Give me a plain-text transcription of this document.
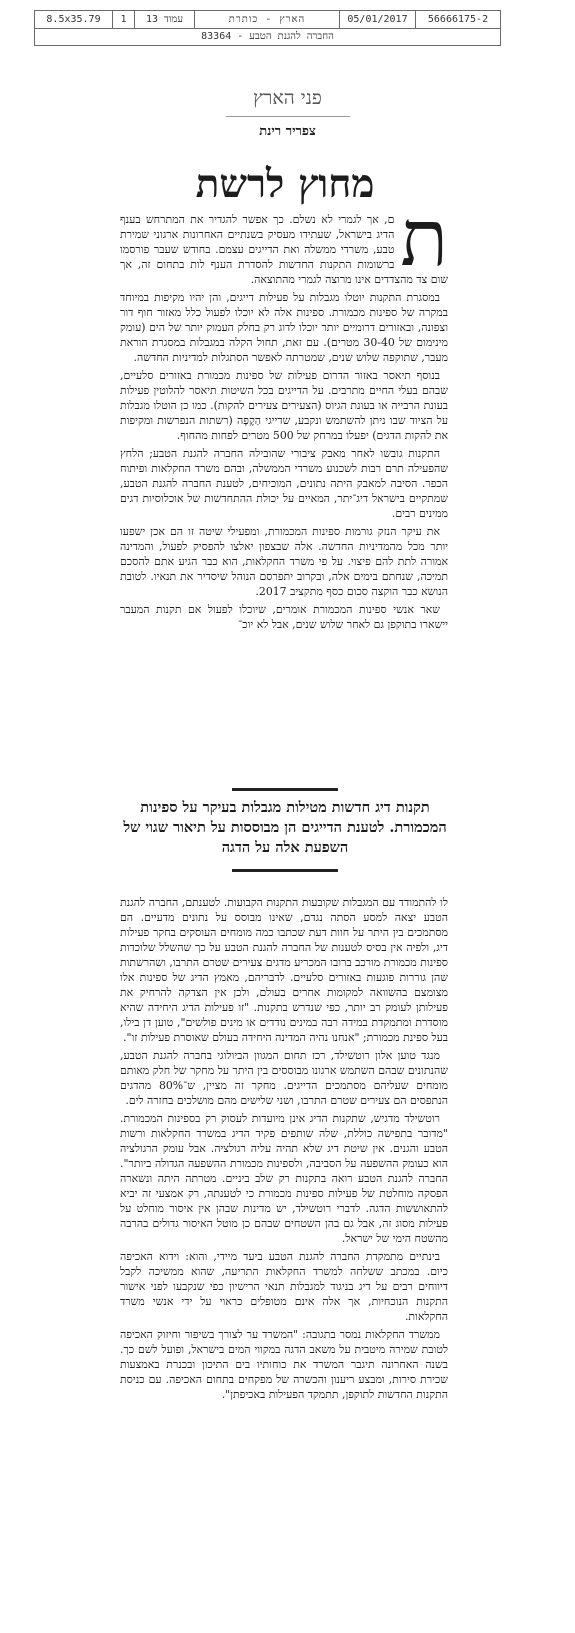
8.5x35.79	1	עמוד 13	הארץ - כותרת	05/01/2017	56666175-2
החברה להגנת הטבע - 83364
פני הארץ
צפריר רינת
מחוץ לרשת

ת
ם, אך לגמרי לא נשלם. כך אפשר להגדיר את המתרחש בענף הדיג בישראל, שעתידו מעסיק בשנתיים האחרונות ארגוני שמירת טבע, משרדי ממשלה ואת הדייגים עצמם. בחודש שעבר פורסמו ברשומות התקנות החדשות להסדרת הענף לות בתחום זה, אך שום צד מהצדדים אינו מרוצה לגמרי מהתוצאה.

במסגרת התקנות יוטלו מגבלות על פעילות דייגים, והן יהיו מקיפות במיוחד במקרה של ספינות מכמורת. ספינות אלה לא יוכלו לפעול כלל מאזור חוף דור וצפונה, ובאזורים דרומיים יותר יוכלו לדוג רק בחלק העמוק יותר של הים (עומק מינימום של 30-40 מטרים). עם זאת, תחול הקלה במגבלות במסגרת הוראת מעבר, שתוקפה שלוש שנים, שמטרתה לאפשר הסתגלות למדיניות החדשה.

בנוסף תיאסר באזור הדרום פעילות של ספינות מכמורת באזורים סלעיים, שבהם בעלי החיים מתרבים. על הדייגים בכל השיטות תיאסר להלוטין פעילות בעונת הרבייה או בעונת הגיוס (הצעירים צעירים להקות). כמו כן הוטלו מגבלות על הציוד שבו ניתן להשתמש ונקבע, שדייגי הַקֶפָה (רשתות הנפרשות ומקיפות את להקות הדגים) יפעלו במרחק של 500 מטרים לפחות מהחוף.

התקנות גובשו לאחר מאבק ציבורי שהובילה החברה להגנת הטבע; הלחץ שהפעילה תרם רבות לשכנוע משרדי הממשלה, ובהם משרד החקלאות ופיתוח הכפר. הסיבה למאבק היתה נתונים, המוכיחים, לטענת החברה להגנת הטבע, שמתקיים בישראל דיג־יתר, המאיים על יכולת ההתחדשות של אוכלוסיות דגים ממינים רבים.

את עיקר הנזק גורמות ספינות המכמורת, ומפעילי שיטה זו הם אכן ישפעו יותר מכל מהמדיניות החדשה. אלה שבצפון יאלצו להפסיק לפעול, והמדינה אמורה לתת להם פיצוי. על פי משרד החקלאות, הוא כבר הגיע אתם להסכם תמיכה, שנחתם בימים אלה, ובקרוב יתפרסם הנוהל שיסדיר את תנאיו. לטובת הנושא כבר הוקצה סכום כסף מתקציב 2017.

שאר אנשי ספינות המכמורת אומרים, שיוכלו לפעול אם תקנות המעבר יישארו בתוקפן גם לאחר שלוש שנים, אבל לא יוכ־

תקנות דיג חדשות מטילות מגבלות בעיקר על ספינות המכמורת. לטענת הדייגים הן מבוססות על תיאור שגוי של השפעת אלה על הדגה

לו להתמודד עם המגבלות שקובעות התקנות הקבועות. לטענתם, החברה להגנת הטבע יצאה למסע הסתה נגדם, שאינו מבוסס על נתונים מדעיים. הם מסתמכים בין היתר על חוות דעת שכתבו כמה מומחים העוסקים בחקר פעילות דיג, ולפיה אין בסיס לטענות של החברה להגנת הטבע על כך שהשלל שלוכדות ספינות מכמורת מורכב ברובו המכריע מדגים צעירים שטרם התרבו, ושהרשתות שהן גוררות פוגעות באזורים סלעיים. לדבריהם, מאמץ הדיג של ספינות אלו מצומצם בהשוואה למקומות אחרים בעולם, ולכן אין הצדקה להרחיק את פעילותן לעומק רב יותר, כפי שנדרש בתקנות. "זו פעילות הדיג היחידה שהיא מוסדרת ומתמקדת במידה רבה במינים נודדים או מינים פולשים", טוען דן בילו, בעל ספינת מכמורת; "אנחנו נהיה המדינה היחידה בעולם שאוסרת פעילות זו".

מנגד טוען אלון רוטשילד, רכז תחום המגוון הביולוגי בחברה להגנת הטבע, שהנתונים שבהם השתמש ארגונו מבוססים בין היתר על מחקר של חלק מאותם מומחים שעליהם מסתמכים הדייגים. מחקר זה מציין, ש־80% מהדגים הנתפסים הם צעירים שטרם התרבו, ושני שלישים מהם מושלכים בחזרה לים.

רוטשילד מדגיש, שתקנות הדיג אינן מיועדות לעסוק רק בספינות המכמורת. "מדובר בתפישה כוללת, שלה שותפים פקיד הדיג במשרד החקלאות ורשות הטבע והגנים. אין שיטת דיג שלא תהיה עליה רגולציה. אבל עומק הרגולציה הוא כעומק ההשפעה על הסביבה, ולספינות מכמורת ההשפעה הגדולה ביותר". החברה להגנת הטבע רואה בתקנות רק שלב ביניים. מטרתה היתה ונשארה הפסקה מוחלטת של פעילות ספינות מכמורת כי לטענתה, רק אמצעי זה יביא להתאוששות הדגה. לדברי רוטשילד, יש מדינות שבהן אין איסור מוחלט על פעילות מסוג זה, אבל גם בהן השטחים שבהם כן מוטל האיסור גדולים בהרבה מהשטח הימי של ישראל.

בינתיים מתמקדת החברה להגנת הטבע ביעד מיידי, והוא: וידוא האכיפה כיום. במכתב ששלחה למשרד החקלאות התריעה, שהוא ממשיכה לקבל דיווחים רבים על דיג בניגוד למגבלות תנאי הרישיון כפי שנקבעו לפני אישור התקנות הנוכחיות, אך אלה אינם מטופלים כראוי על ידי אנשי משרד החקלאות.

ממשרד החקלאות נמסר בתגובה: "המשרד ער לצורך בשיפור וחיזוק האכיפה לטובת שמירה מיטבית על משאב הדגה במקווי המים בישראל, ופועל לשם כך. בשנה האחרונה תיגבר המשרד את כוחותיו בים התיכון ובכנרת באמצעות שכירת סירות, ומבצע ריענון והכשרה של מפקחים בתחום האכיפה. עם כניסת התקנות החדשות לתוקפן, תתמקד הפעילות באכיפתן".
